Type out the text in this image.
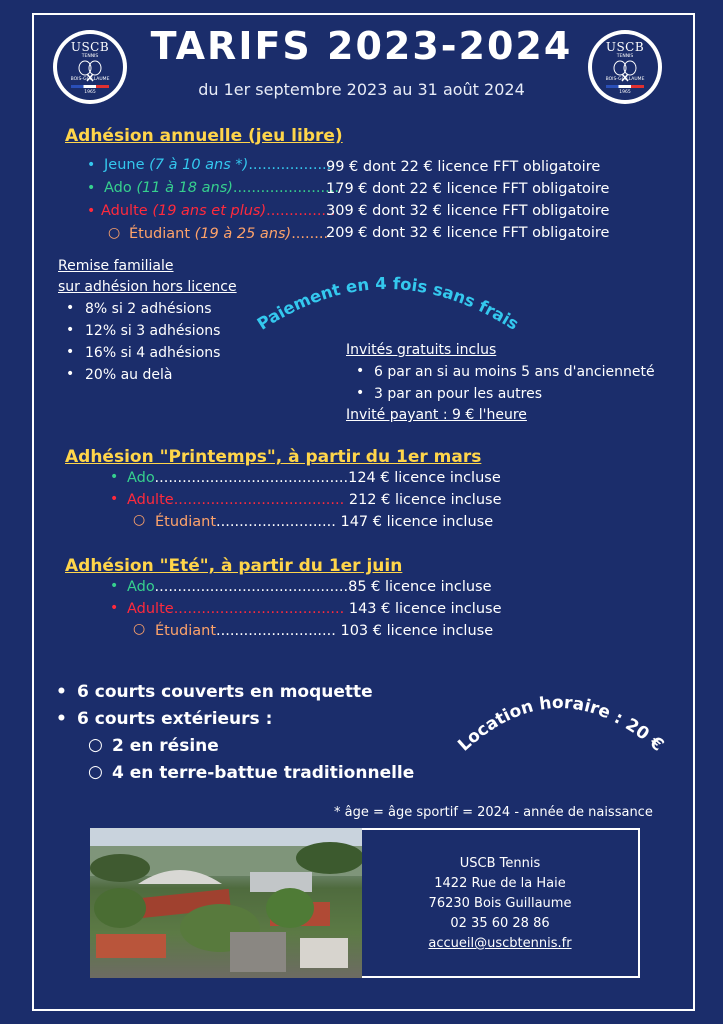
USCB
TENNIS
BOIS-GUILLAUME
1965
USCB
TENNIS
BOIS-GUILLAUME
1965
TARIFS 2023-2024
du 1er septembre 2023 au 31 août 2024
Adhésion annuelle (jeu libre)
• Jeune (7 à 10 ans *)..................
99 € dont 22 € licence FFT obligatoire
• Ado (11 à 18 ans).......................
179 € dont 22 € licence FFT obligatoire
• Adulte (19 ans et plus)...............
309 € dont 32 € licence FFT obligatoire
○ Étudiant (19 à 25 ans)........
209 € dont 32 € licence FFT obligatoire
Remise familiale
sur adhésion hors licence
• 8% si 2 adhésions
• 12% si 3 adhésions
• 16% si 4 adhésions
• 20% au delà
Paiement en 4 fois sans frais
Invités gratuits inclus
• 6 par an si au moins 5 ans d'ancienneté
• 3 par an pour les autres
Invité payant : 9 € l'heure
Adhésion "Printemps", à partir du 1er mars
• Ado..........................................124 € licence incluse
• Adulte..................................... 212 € licence incluse
○ Étudiant.......................... 147 € licence incluse
Adhésion "Eté", à partir du 1er juin
• Ado..........................................85 € licence incluse
• Adulte..................................... 143 € licence incluse
○ Étudiant.......................... 103 € licence incluse
• 6 courts couverts en moquette
• 6 courts extérieurs :
○ 2 en résine
○ 4 en terre-battue traditionnelle
Location horaire : 20 €
* âge = âge sportif = 2024 - année de naissance
USCB Tennis
1422 Rue de la Haie
76230 Bois Guillaume
02 35 60 28 86
accueil@uscbtennis.fr
